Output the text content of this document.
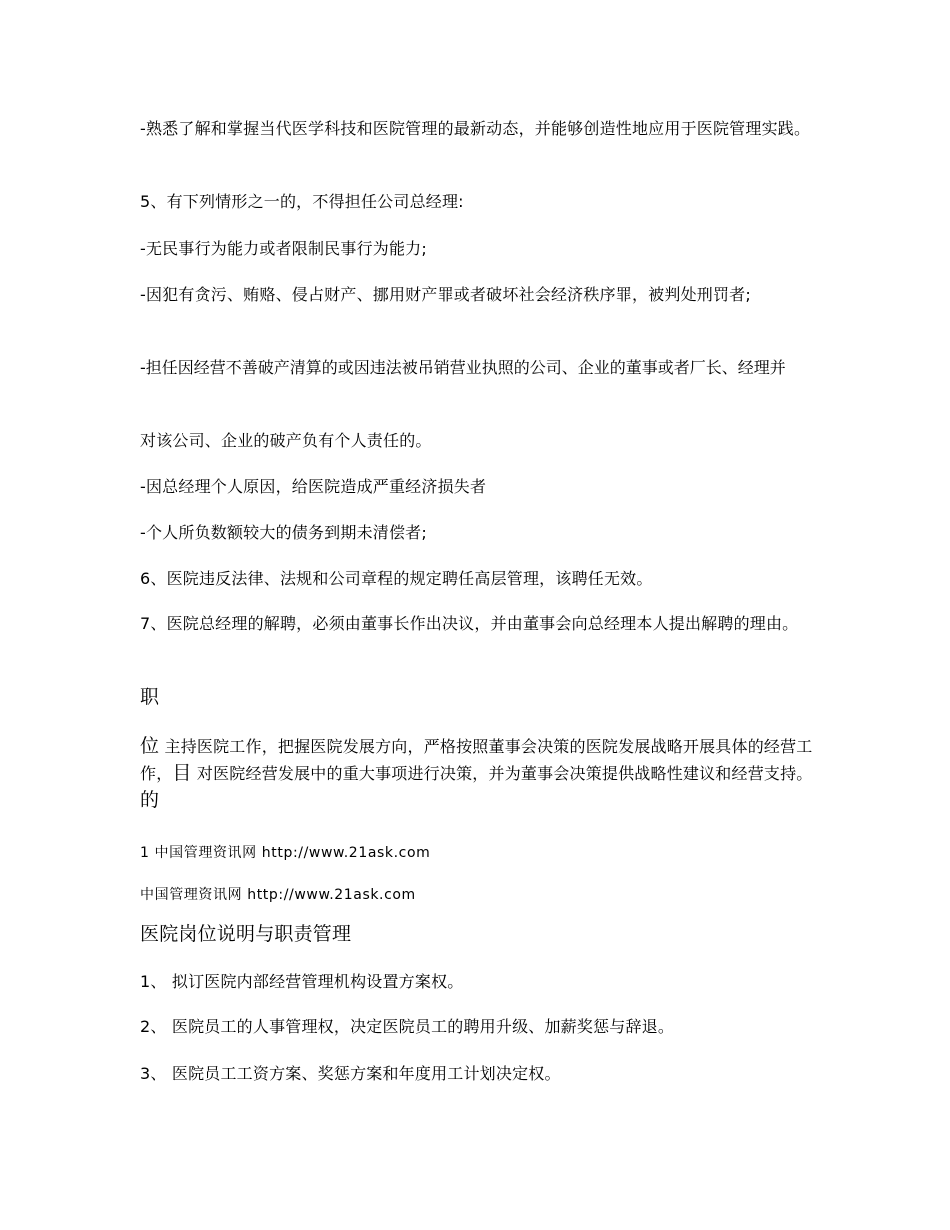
-熟悉了解和掌握当代医学科技和医院管理的最新动态，并能够创造性地应用于医院管理实践。
5、有下列情形之一的，不得担任公司总经理:
-无民事行为能力或者限制民事行为能力;
-因犯有贪污、贿赂、侵占财产、挪用财产罪或者破坏社会经济秩序罪，被判处刑罚者;
-担任因经营不善破产清算的或因违法被吊销营业执照的公司、企业的董事或者厂长、经理并
对该公司、企业的破产负有个人责任的。
-因总经理个人原因，给医院造成严重经济损失者
-个人所负数额较大的债务到期未清偿者;
6、医院违反法律、法规和公司章程的规定聘任高层管理，该聘任无效。
7、医院总经理的解聘，必须由董事长作出决议，并由董事会向总经理本人提出解聘的理由。
职
位 主持医院工作，把握医院发展方向，严格按照董事会决策的医院发展战略开展具体的经营工作，目 对医院经营发展中的重大事项进行决策，并为董事会决策提供战略性建议和经营支持。 的
1 中国管理资讯网 http://www.21ask.com
中国管理资讯网 http://www.21ask.com
医院岗位说明与职责管理
1、 拟订医院内部经营管理机构设置方案权。
2、 医院员工的人事管理权，决定医院员工的聘用升级、加薪奖惩与辞退。
3、 医院员工工资方案、奖惩方案和年度用工计划决定权。
